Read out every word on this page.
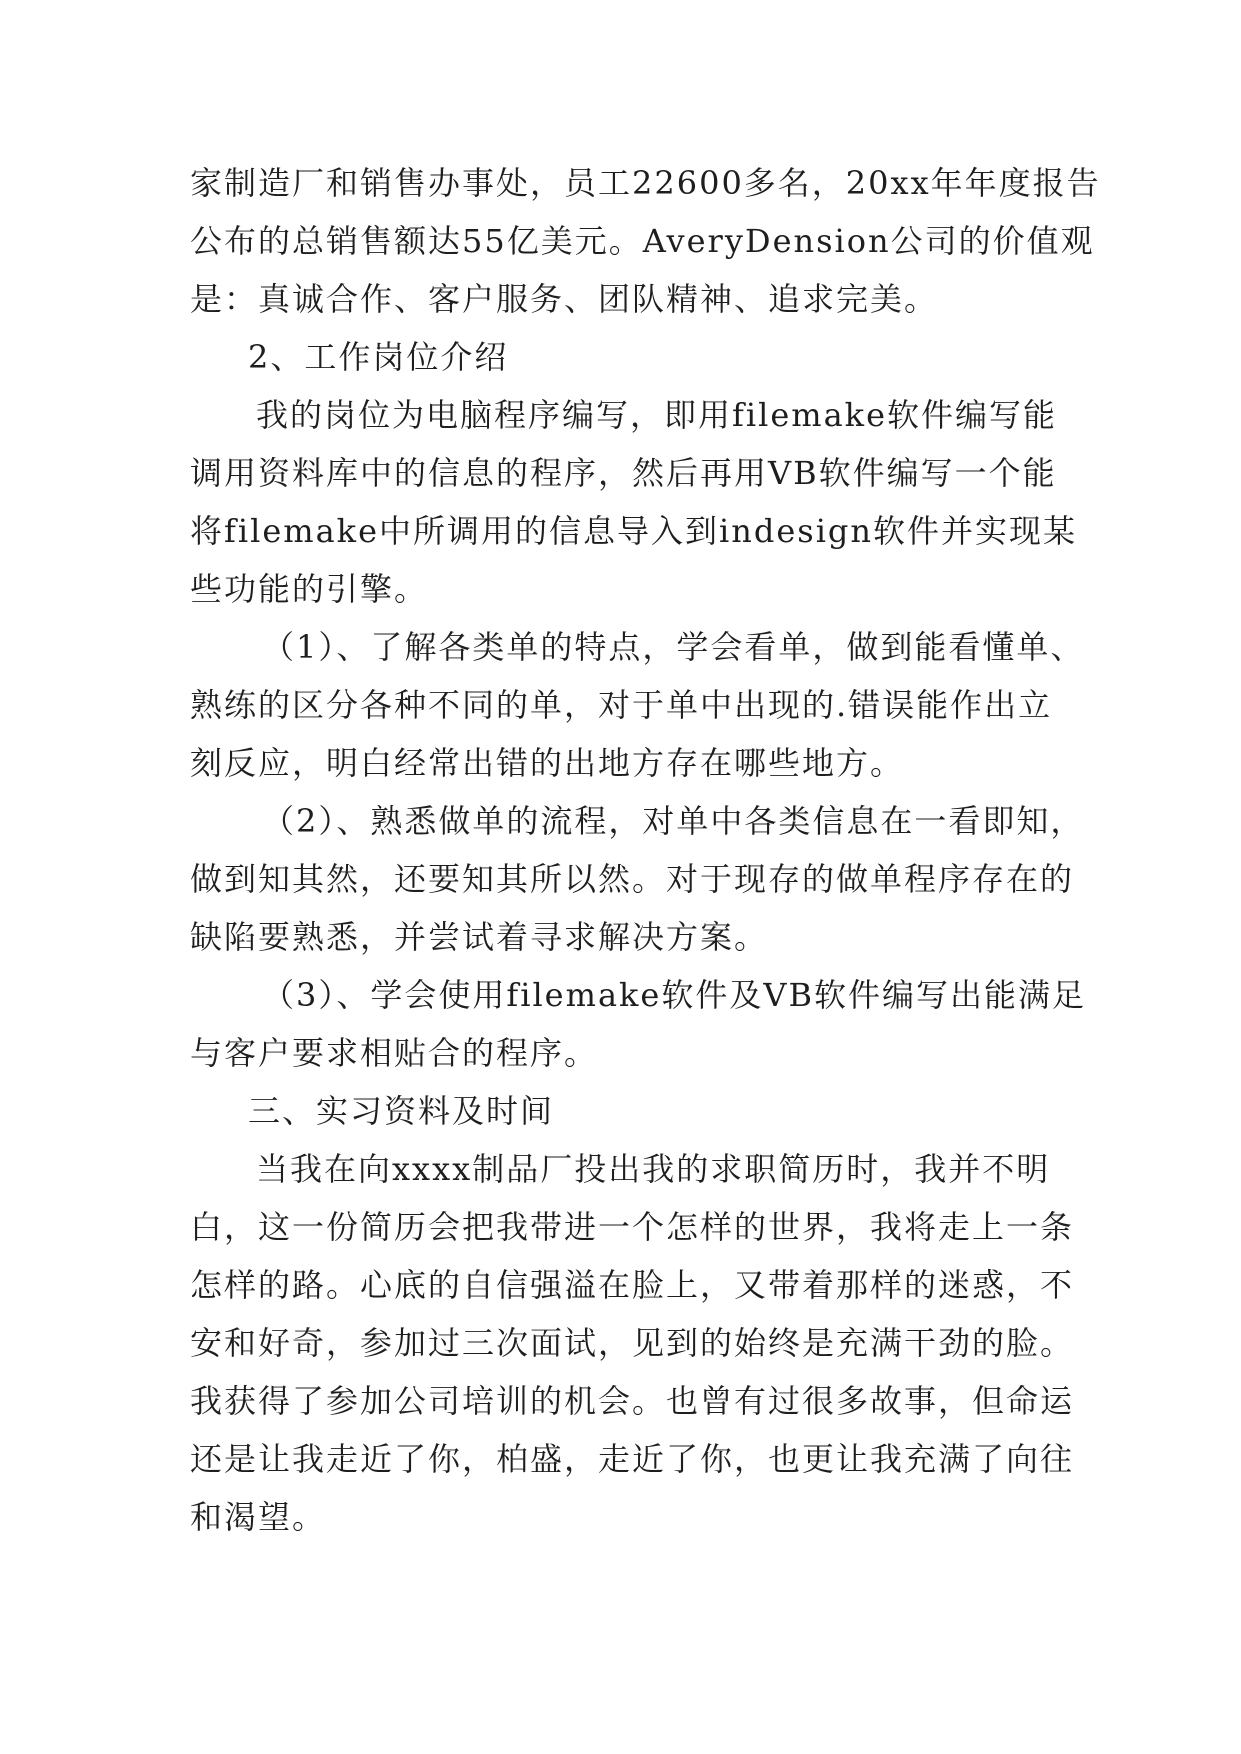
家制造厂和销售办事处，员工22600多名，20xx年年度报告
公布的总销售额达55亿美元。AveryDension公司的价值观
是：真诚合作、客户服务、团队精神、追求完美。
2、工作岗位介绍
我的岗位为电脑程序编写，即用filemake软件编写能
调用资料库中的信息的程序，然后再用VB软件编写一个能
将filemake中所调用的信息导入到indesign软件并实现某
些功能的引擎。
（1）、了解各类单的特点，学会看单，做到能看懂单、
熟练的区分各种不同的单，对于单中出现的.错误能作出立
刻反应，明白经常出错的出地方存在哪些地方。
（2）、熟悉做单的流程，对单中各类信息在一看即知，
做到知其然，还要知其所以然。对于现存的做单程序存在的
缺陷要熟悉，并尝试着寻求解决方案。
（3）、学会使用filemake软件及VB软件编写出能满足
与客户要求相贴合的程序。
三、实习资料及时间
当我在向xxxx制品厂投出我的求职简历时，我并不明
白，这一份简历会把我带进一个怎样的世界，我将走上一条
怎样的路。心底的自信强溢在脸上，又带着那样的迷惑，不
安和好奇，参加过三次面试，见到的始终是充满干劲的脸。
我获得了参加公司培训的机会。也曾有过很多故事，但命运
还是让我走近了你，柏盛，走近了你，也更让我充满了向往
和渴望。
